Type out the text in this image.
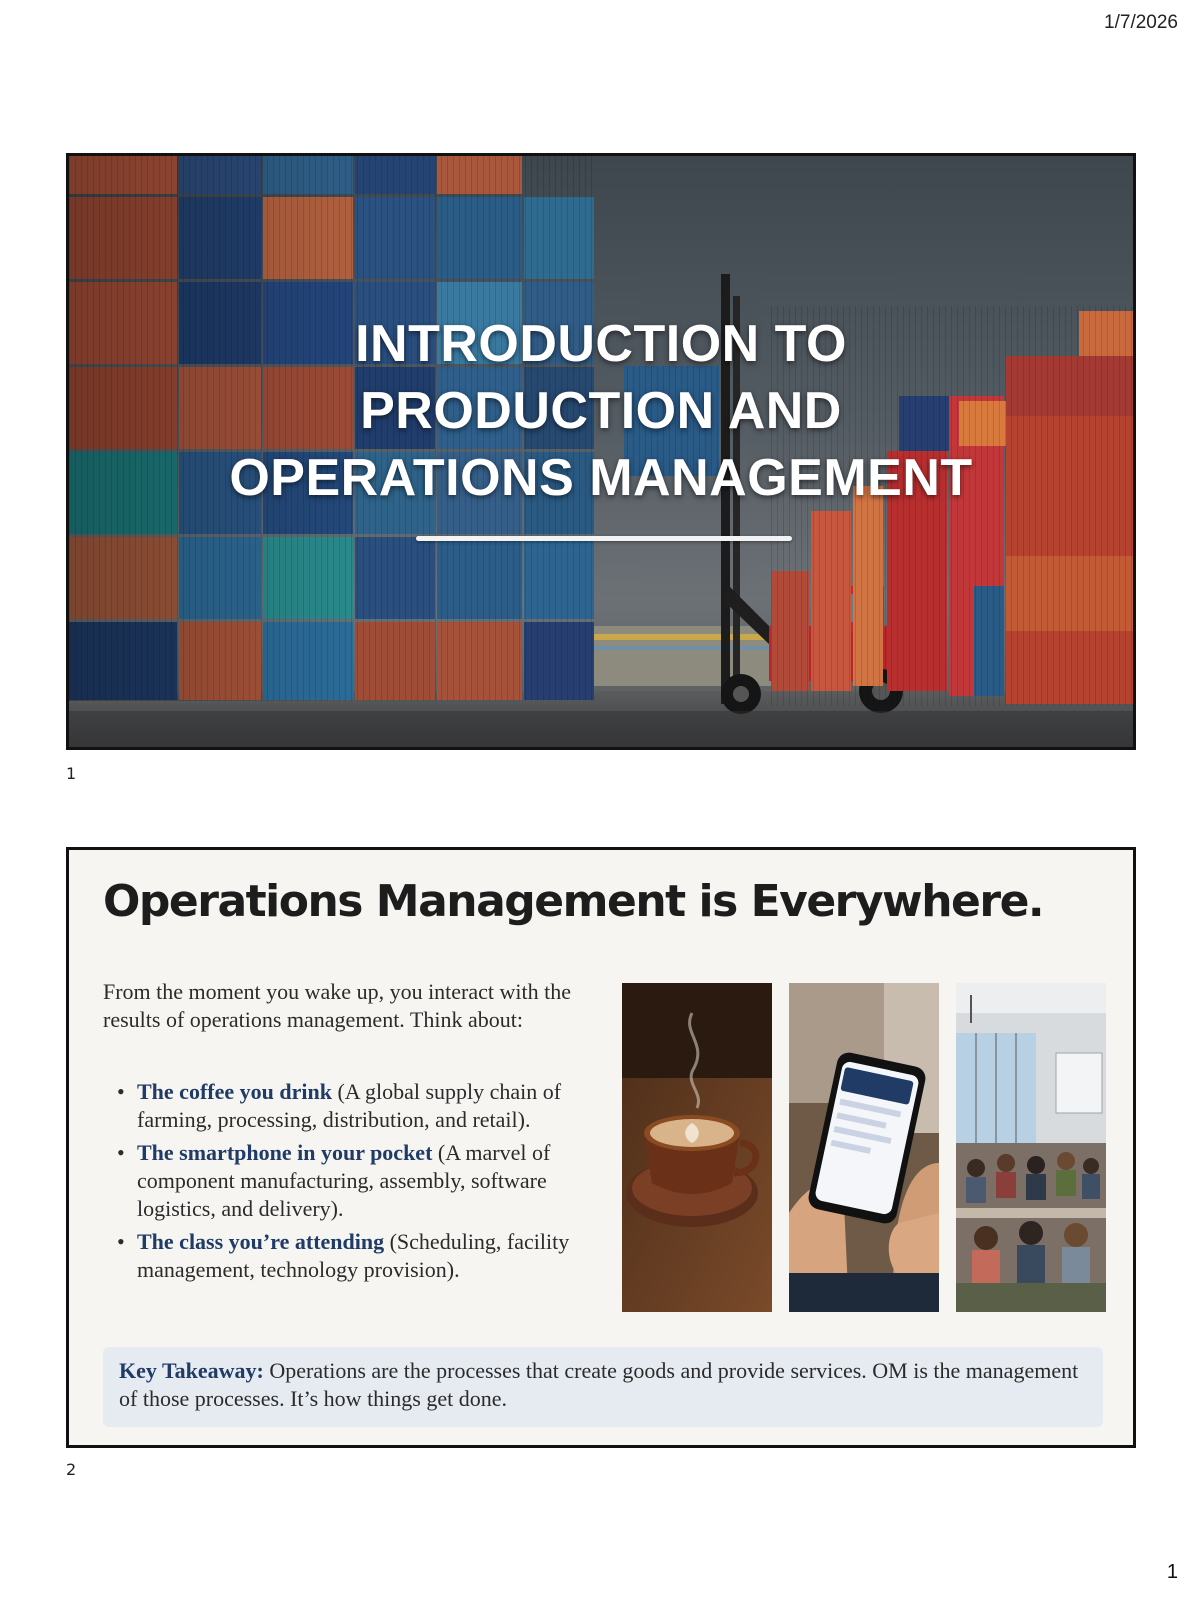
1/7/2026
INTRODUCTION TO
PRODUCTION AND
OPERATIONS MANAGEMENT
1
Operations Management is Everywhere.
From the moment you wake up, you interact with the results of operations management. Think about:
• The coffee you drink (A global supply chain of farming, processing, distribution, and retail).
• The smartphone in your pocket (A marvel of component manufacturing, assembly, software logistics, and delivery).
• The class you’re attending (Scheduling, facility management, technology provision).
Key Takeaway: Operations are the processes that create goods and provide services. OM is the management of those processes. It’s how things get done.
2
1
